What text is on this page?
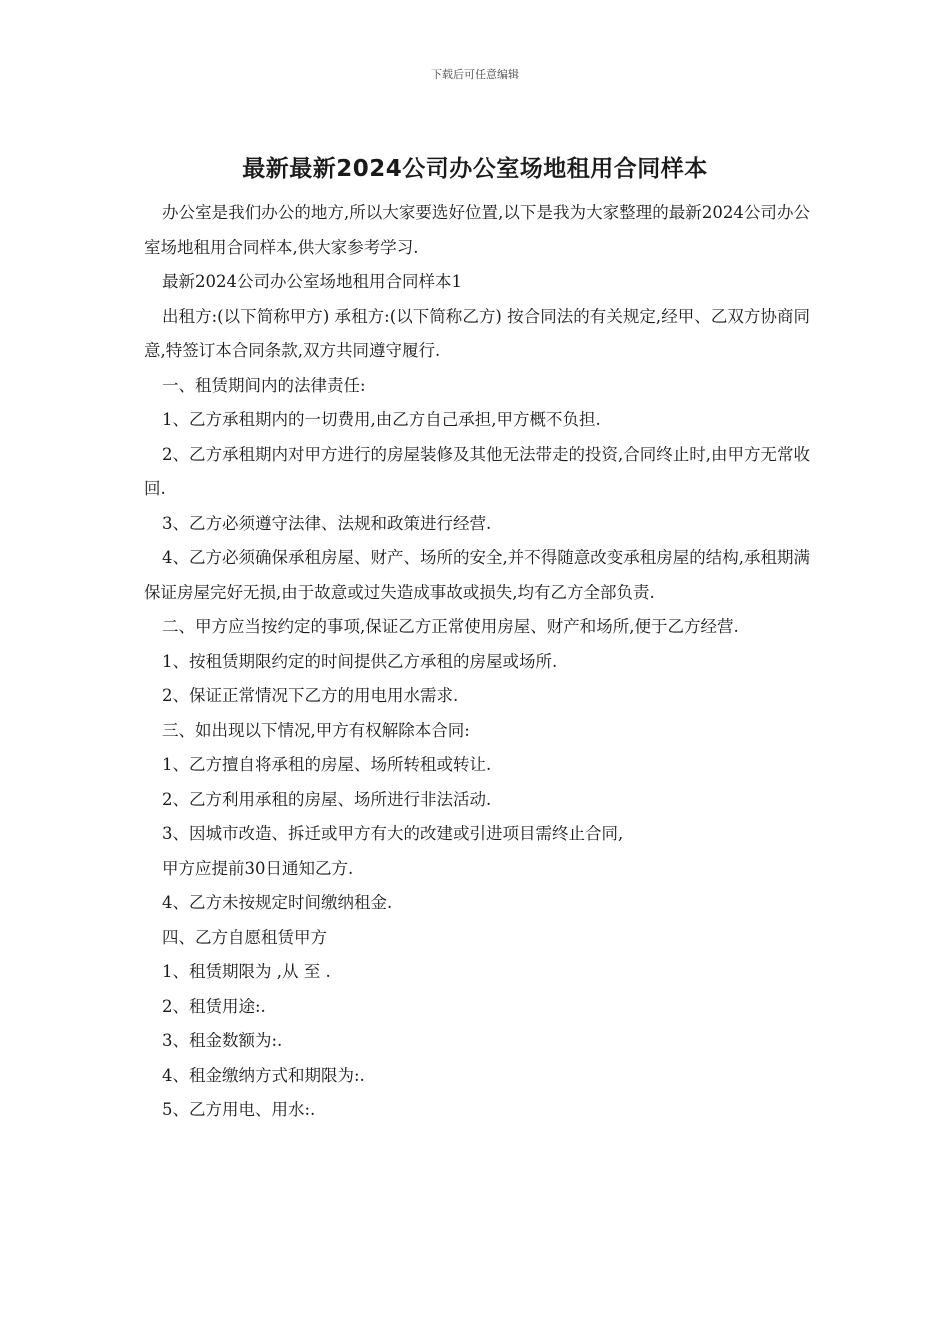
下载后可任意编辑
最新最新2024公司办公室场地租用合同样本

办公室是我们办公的地方,所以大家要选好位置,以下是我为大家整理的最新2024公司办公室场地租用合同样本,供大家参考学习.

最新2024公司办公室场地租用合同样本1

出租方:(以下简称甲方) 承租方:(以下简称乙方) 按合同法的有关规定,经甲、乙双方协商同意,特签订本合同条款,双方共同遵守履行.

一、租赁期间内的法律责任:

1、乙方承租期内的一切费用,由乙方自己承担,甲方概不负担.

2、乙方承租期内对甲方进行的房屋装修及其他无法带走的投资,合同终止时,由甲方无常收回.

3、乙方必须遵守法律、法规和政策进行经营.

4、乙方必须确保承租房屋、财产、场所的安全,并不得随意改变承租房屋的结构,承租期满保证房屋完好无损,由于故意或过失造成事故或损失,均有乙方全部负责.

二、甲方应当按约定的事项,保证乙方正常使用房屋、财产和场所,便于乙方经营.

1、按租赁期限约定的时间提供乙方承租的房屋或场所.

2、保证正常情况下乙方的用电用水需求.

三、如出现以下情况,甲方有权解除本合同:

1、乙方擅自将承租的房屋、场所转租或转让.

2、乙方利用承租的房屋、场所进行非法活动.

3、因城市改造、拆迁或甲方有大的改建或引进项目需终止合同,

甲方应提前30日通知乙方.

4、乙方未按规定时间缴纳租金.

四、乙方自愿租赁甲方

1、租赁期限为 ,从 至 .

2、租赁用途:.

3、租金数额为:.

4、租金缴纳方式和期限为:.

5、乙方用电、用水:.
